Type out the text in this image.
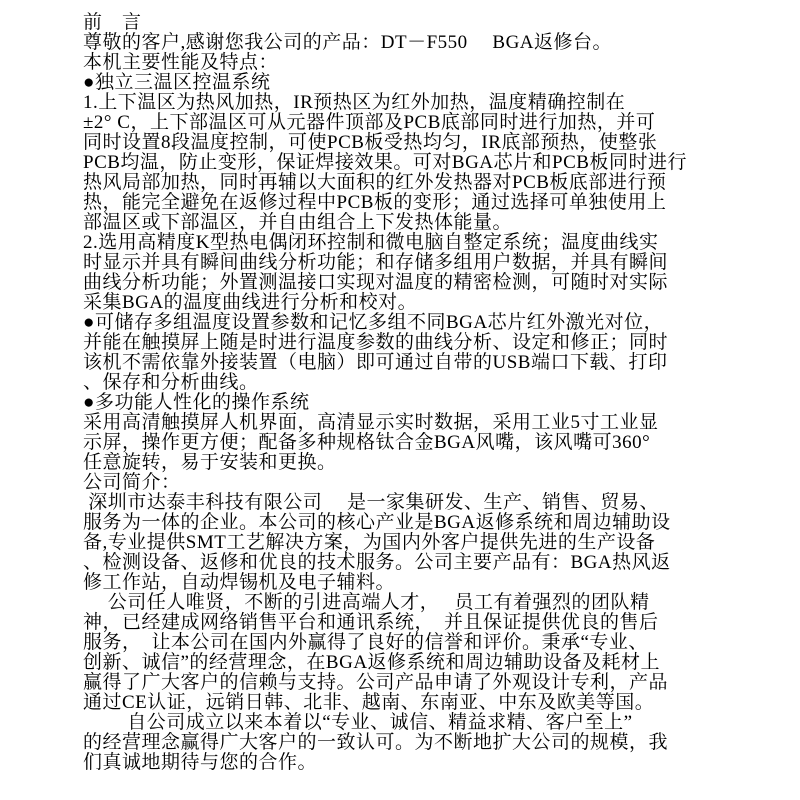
前　言
尊敬的客户,感谢您我公司的产品：DT－F550　 BGA返修台。
本机主要性能及特点：
●独立三温区控温系统
1.上下温区为热风加热，IR预热区为红外加热，温度精确控制在
±2° C，上下部温区可从元器件顶部及PCB底部同时进行加热，并可
同时设置8段温度控制，可使PCB板受热均匀，IR底部预热，使整张
PCB均温，防止变形，保证焊接效果。可对BGA芯片和PCB板同时进行
热风局部加热，同时再辅以大面积的红外发热器对PCB板底部进行预
热，能完全避免在返修过程中PCB板的变形；通过选择可单独使用上
部温区或下部温区，并自由组合上下发热体能量。
2.选用高精度K型热电偶闭环控制和微电脑自整定系统；温度曲线实
时显示并具有瞬间曲线分析功能；和存储多组用户数据，并具有瞬间
曲线分析功能；外置测温接口实现对温度的精密检测，可随时对实际
采集BGA的温度曲线进行分析和校对。
●可储存多组温度设置参数和记忆多组不同BGA芯片红外激光对位，
并能在触摸屏上随是时进行温度参数的曲线分析、设定和修正；同时
该机不需依靠外接装置（电脑）即可通过自带的USB端口下载、打印
、保存和分析曲线。
●多功能人性化的操作系统
采用高清触摸屏人机界面，高清显示实时数据，采用工业5寸工业显
示屏，操作更方便；配备多种规格钛合金BGA风嘴，该风嘴可360°
任意旋转，易于安装和更换。
公司简介：
深圳市达泰丰科技有限公司　 是一家集研发、生产、销售、贸易、
服务为一体的企业。本公司的核心产业是BGA返修系统和周边辅助设
备,专业提供SMT工艺解决方案，为国内外客户提供先进的生产设备
、检测设备、返修和优良的技术服务。公司主要产品有：BGA热风返
修工作站，自动焊锡机及电子辅料。
　 公司任人唯贤，不断的引进高端人才，　 员工有着强烈的团队精
神，已经建成网络销售平台和通讯系统，　并且保证提供优良的售后
服务，　让本公司在国内外赢得了良好的信誉和评价。秉承“专业、
创新、诚信”的经营理念，在BGA返修系统和周边辅助设备及耗材上
赢得了广大客户的信赖与支持。公司产品申请了外观设计专利，产品
通过CE认证，远销日韩、北非、越南、东南亚、中东及欧美等国。
　　 自公司成立以来本着以“专业、诚信、精益求精、客户至上”
的经营理念赢得广大客户的一致认可。为不断地扩大公司的规模，我
们真诚地期待与您的合作。
